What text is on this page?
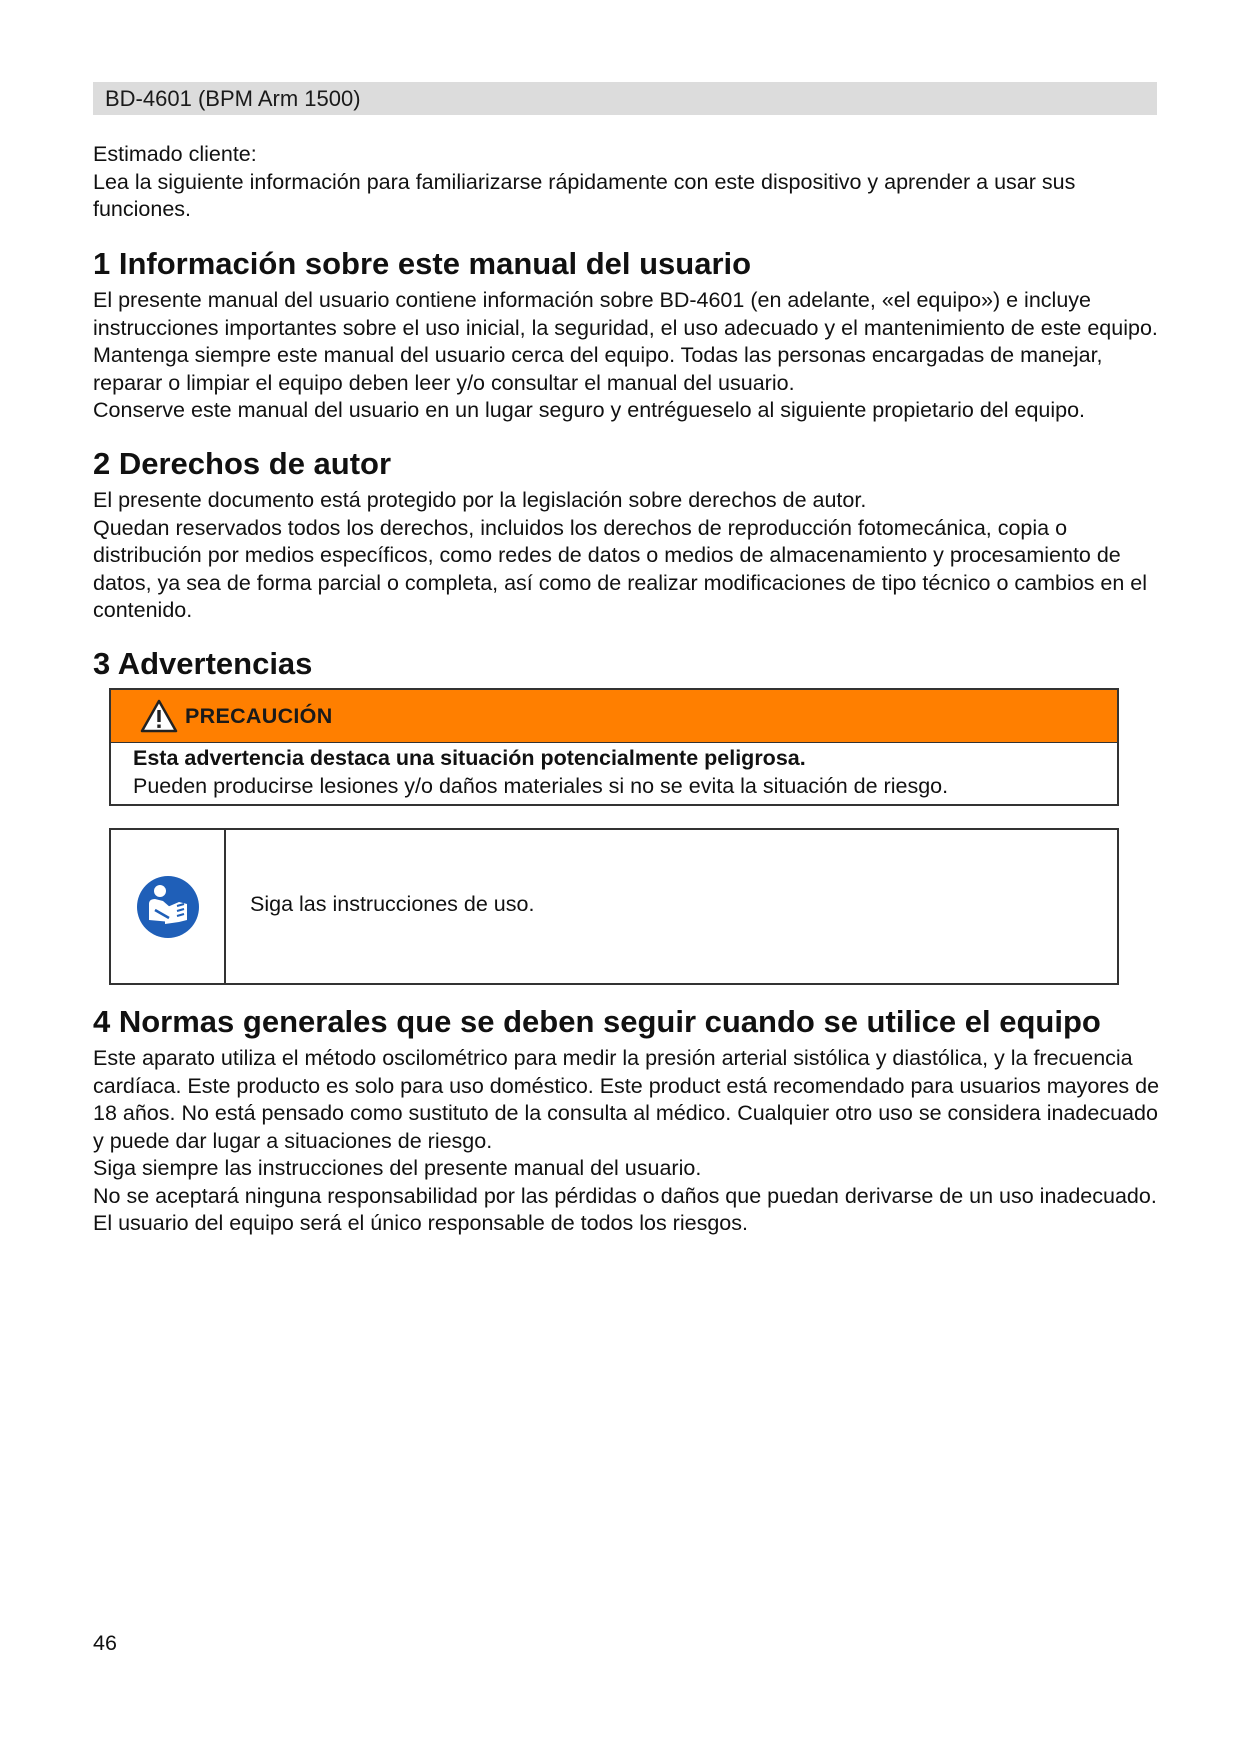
BD-4601 (BPM Arm 1500)

Estimado cliente:

Lea la siguiente información para familiarizarse rápidamente con este dispositivo y aprender a usar sus funciones.

1 Información sobre este manual del usuario

El presente manual del usuario contiene información sobre BD-4601 (en adelante, «el equipo») e incluye instrucciones importantes sobre el uso inicial, la seguridad, el uso adecuado y el mantenimiento de este equipo. Mantenga siempre este manual del usuario cerca del equipo. Todas las personas encargadas de manejar, reparar o limpiar el equipo deben leer y/o consultar el manual del usuario.

Conserve este manual del usuario en un lugar seguro y entrégueselo al siguiente propietario del equipo.

2 Derechos de autor

El presente documento está protegido por la legislación sobre derechos de autor.

Quedan reservados todos los derechos, incluidos los derechos de reproducción fotomecánica, copia o distribución por medios específicos, como redes de datos o medios de almacenamiento y procesamiento de datos, ya sea de forma parcial o completa, así como de realizar modificaciones de tipo técnico o cambios en el contenido.

3 Advertencias
PRECAUCIÓN
Esta advertencia destaca una situación potencialmente peligrosa.
Pueden producirse lesiones y/o daños materiales si no se evita la situación de riesgo.
Siga las instrucciones de uso.
4 Normas generales que se deben seguir cuando se utilice el equipo

Este aparato utiliza el método oscilométrico para medir la presión arterial sistólica y diastólica, y la frecuencia cardíaca. Este producto es solo para uso doméstico. Este product está recomendado para usuarios mayores de 18 años. No está pensado como sustituto de la consulta al médico. Cualquier otro uso se considera inadecuado y puede dar lugar a situaciones de riesgo.

Siga siempre las instrucciones del presente manual del usuario.

No se aceptará ninguna responsabilidad por las pérdidas o daños que puedan derivarse de un uso inadecuado. El usuario del equipo será el único responsable de todos los riesgos.

46
